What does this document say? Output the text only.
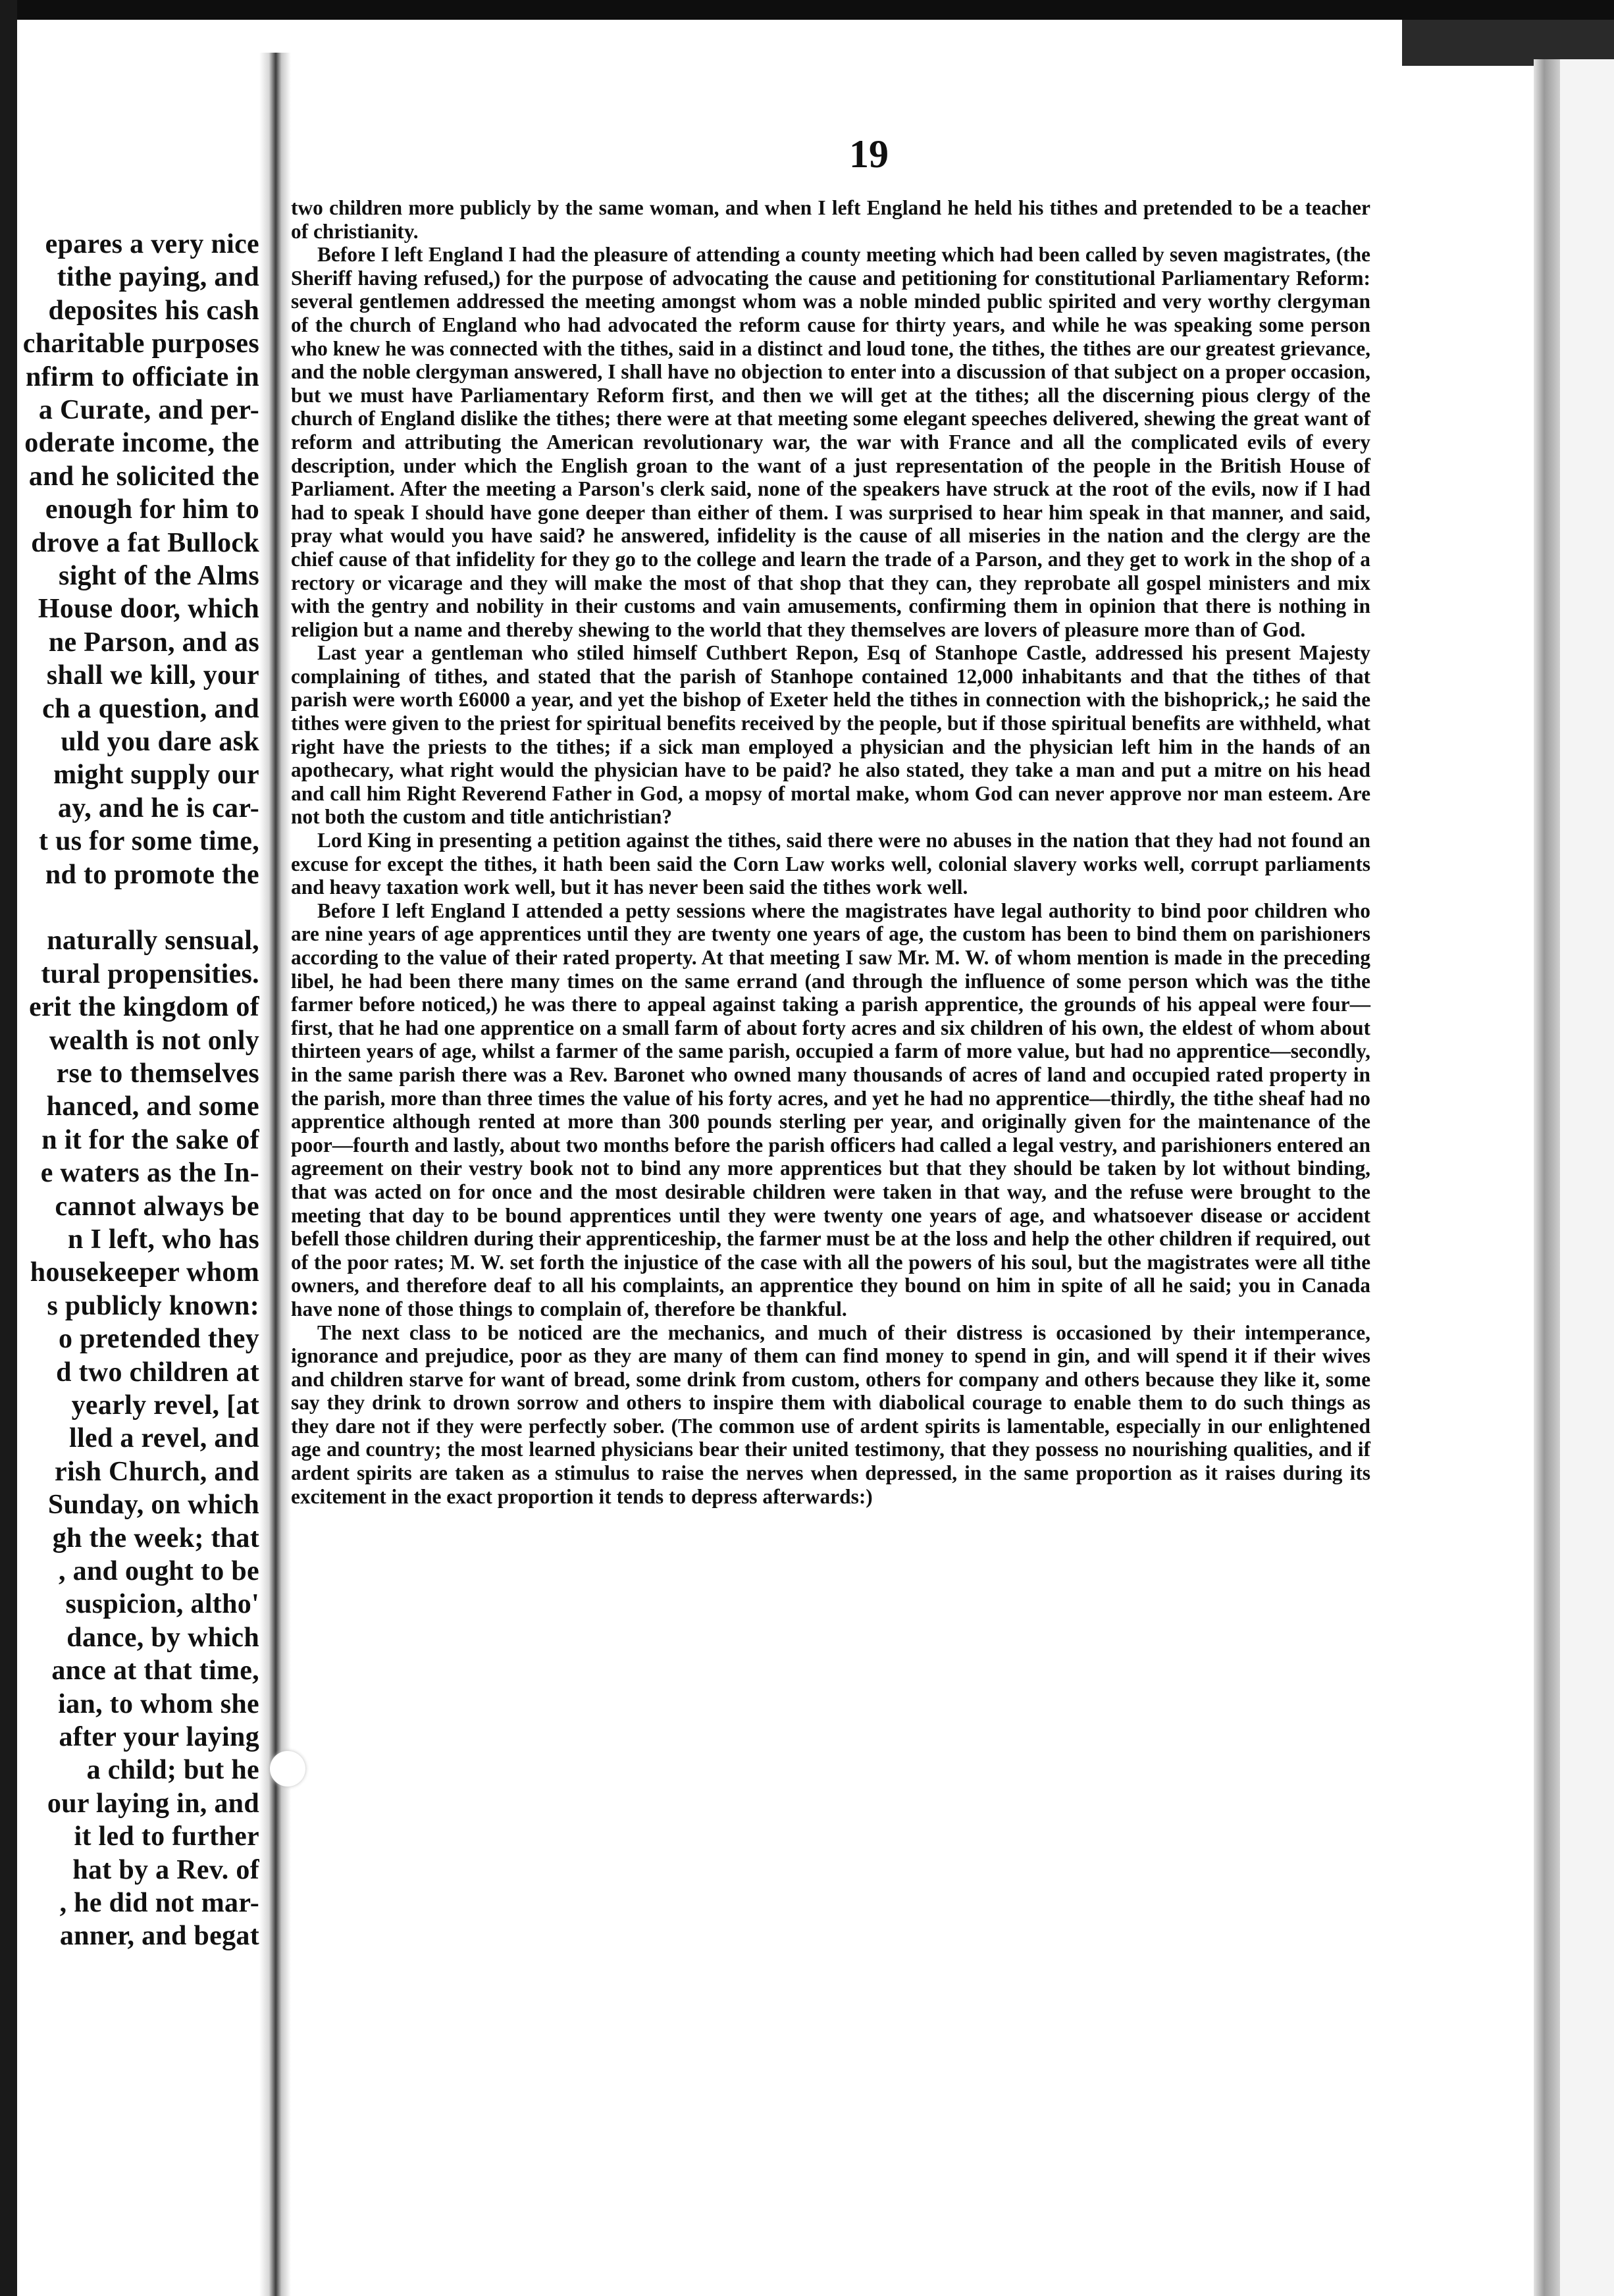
epares a very nice
tithe paying, and
deposites his cash
charitable purposes
nfirm to officiate in
a Curate, and per-
oderate income, the
and he solicited the
enough for him to
drove a fat Bullock
sight of the Alms
House door, which
ne Parson, and as
shall we kill, your
ch a question, and
uld you dare ask
might supply our
ay, and he is car-
t us for some time,
nd to promote the
naturally sensual,
tural propensities.
erit the kingdom of
wealth is not only
rse to themselves
hanced, and some
n it for the sake of
e waters as the In-
cannot always be
n I left, who has
housekeeper whom
s publicly known:
o pretended they
d two children at
yearly revel, [at
lled a revel, and
rish Church, and
Sunday, on which
gh the week; that
, and ought to be
suspicion, altho'
dance, by which
ance at that time,
ian, to whom she
after your laying
a child; but he
our laying in, and
it led to further
hat by a Rev. of
, he did not mar-
anner, and begat
19

two children more publicly by the same woman, and when I left England he held his tithes and pretended to be a teacher of christianity.

Before I left England I had the pleasure of attending a county meeting which had been called by seven magistrates, (the Sheriff having refused,) for the purpose of advocating the cause and petitioning for constitutional Parliamentary Reform: several gentlemen addressed the meeting amongst whom was a noble minded public spirited and very worthy clergyman of the church of England who had advocated the reform cause for thirty years, and while he was speaking some person who knew he was connected with the tithes, said in a distinct and loud tone, the tithes, the tithes are our greatest grievance, and the noble clergyman answered, I shall have no objection to enter into a discussion of that subject on a proper occasion, but we must have Parliamentary Reform first, and then we will get at the tithes; all the discerning pious clergy of the church of England dislike the tithes; there were at that meeting some elegant speeches delivered, shewing the great want of reform and attributing the American revolutionary war, the war with France and all the complicated evils of every description, under which the English groan to the want of a just representation of the people in the British House of Parliament. After the meeting a Parson's clerk said, none of the speakers have struck at the root of the evils, now if I had had to speak I should have gone deeper than either of them. I was surprised to hear him speak in that manner, and said, pray what would you have said? he answered, infidelity is the cause of all miseries in the nation and the clergy are the chief cause of that infidelity for they go to the college and learn the trade of a Parson, and they get to work in the shop of a rectory or vicarage and they will make the most of that shop that they can, they reprobate all gospel ministers and mix with the gentry and nobility in their customs and vain amusements, confirming them in opinion that there is nothing in religion but a name and thereby shewing to the world that they themselves are lovers of pleasure more than of God.

Last year a gentleman who stiled himself Cuthbert Repon, Esq of Stanhope Castle, addressed his present Majesty complaining of tithes, and stated that the parish of Stanhope contained 12,000 inhabitants and that the tithes of that parish were worth £6000 a year, and yet the bishop of Exeter held the tithes in connection with the bishoprick,; he said the tithes were given to the priest for spiritual benefits received by the people, but if those spiritual benefits are withheld, what right have the priests to the tithes; if a sick man employed a physician and the physician left him in the hands of an apothecary, what right would the physician have to be paid? he also stated, they take a man and put a mitre on his head and call him Right Reverend Father in God, a mopsy of mortal make, whom God can never approve nor man esteem. Are not both the custom and title antichristian?

Lord King in presenting a petition against the tithes, said there were no abuses in the nation that they had not found an excuse for except the tithes, it hath been said the Corn Law works well, colonial slavery works well, corrupt parliaments and heavy taxation work well, but it has never been said the tithes work well.

Before I left England I attended a petty sessions where the magistrates have legal authority to bind poor children who are nine years of age apprentices until they are twenty one years of age, the custom has been to bind them on parishioners according to the value of their rated property. At that meeting I saw Mr. M. W. of whom mention is made in the preceding libel, he had been there many times on the same errand (and through the influence of some person which was the tithe farmer before noticed,) he was there to appeal against taking a parish apprentice, the grounds of his appeal were four—first, that he had one apprentice on a small farm of about forty acres and six children of his own, the eldest of whom about thirteen years of age, whilst a farmer of the same parish, occupied a farm of more value, but had no apprentice—secondly, in the same parish there was a Rev. Baronet who owned many thousands of acres of land and occupied rated property in the parish, more than three times the value of his forty acres, and yet he had no apprentice—thirdly, the tithe sheaf had no apprentice although rented at more than 300 pounds sterling per year, and originally given for the maintenance of the poor—fourth and lastly, about two months before the parish officers had called a legal vestry, and parishioners entered an agreement on their vestry book not to bind any more apprentices but that they should be taken by lot without binding, that was acted on for once and the most desirable children were taken in that way, and the refuse were brought to the meeting that day to be bound apprentices until they were twenty one years of age, and whatsoever disease or accident befell those children during their apprenticeship, the farmer must be at the loss and help the other children if required, out of the poor rates; M. W. set forth the injustice of the case with all the powers of his soul, but the magistrates were all tithe owners, and therefore deaf to all his complaints, an apprentice they bound on him in spite of all he said; you in Canada have none of those things to complain of, therefore be thankful.

The next class to be noticed are the mechanics, and much of their distress is occasioned by their intemperance, ignorance and prejudice, poor as they are many of them can find money to spend in gin, and will spend it if their wives and children starve for want of bread, some drink from custom, others for company and others because they like it, some say they drink to drown sorrow and others to inspire them with diabolical courage to enable them to do such things as they dare not if they were perfectly sober. (The common use of ardent spirits is lamentable, especially in our enlightened age and country; the most learned physicians bear their united testimony, that they possess no nourishing qualities, and if ardent spirits are taken as a stimulus to raise the nerves when depressed, in the same proportion as it raises during its excitement in the exact proportion it tends to depress afterwards:)
